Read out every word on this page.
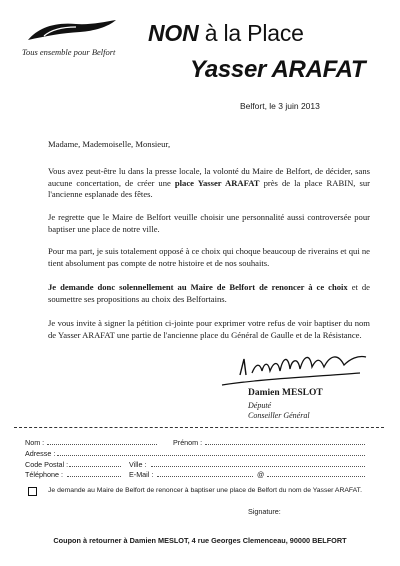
Tous ensemble pour Belfort
NON à la Place
Yasser ARAFAT
Belfort, le 3 juin 2013

Madame, Mademoiselle, Monsieur,

Vous avez peut-être lu dans la presse locale, la volonté du Maire de Belfort, de décider, sans aucune concertation, de créer une place Yasser ARAFAT près de la place RABIN, sur l'ancienne esplanade des fêtes.

Je regrette que le Maire de Belfort veuille choisir une personnalité aussi controversée pour baptiser une place de notre ville.

Pour ma part, je suis totalement opposé à ce choix qui choque beaucoup de riverains et qui ne tient absolument pas compte de notre histoire et de nos souhaits.

Je demande donc solennellement au Maire de Belfort de renoncer à ce choix et de soumettre ses propositions au choix des Belfortains.

Je vous invite à signer la pétition ci-jointe pour exprimer votre refus de voir baptiser du nom de Yasser ARAFAT une partie de l'ancienne place du Général de Gaulle et de la Résistance.

Damien MESLOT
Député
Conseiller Général
Nom :	Prénom :
Adresse :
Code Postal :	Ville :
Téléphone :	E-Mail :	@
Je demande au Maire de Belfort de renoncer à baptiser une place de Belfort du nom de Yasser ARAFAT.
Signature:
Coupon à retourner à Damien MESLOT, 4 rue Georges Clemenceau, 90000 BELFORT
